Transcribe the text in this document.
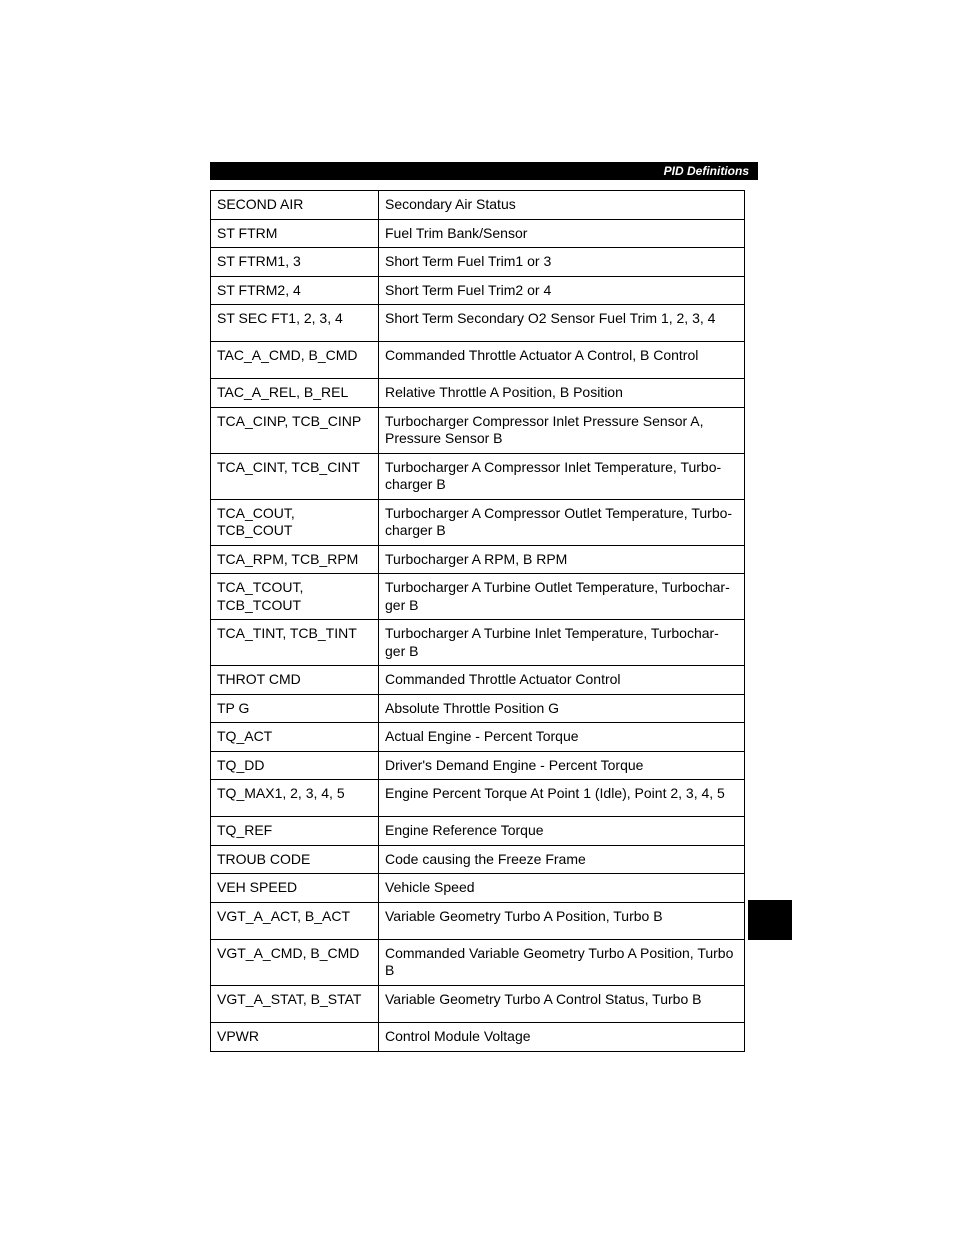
PID Definitions
SECOND AIR	Secondary Air Status
ST FTRM	Fuel Trim Bank/Sensor
ST FTRM1, 3	Short Term Fuel Trim1 or 3
ST FTRM2, 4	Short Term Fuel Trim2 or 4
ST SEC FT1, 2, 3, 4	Short Term Secondary O2 Sensor Fuel Trim 1, 2, 3, 4
TAC_A_CMD, B_CMD	Commanded Throttle Actuator A Control, B Control
TAC_A_REL, B_REL	Relative Throttle A Position, B Position
TCA_CINP, TCB_CINP	Turbocharger Compressor Inlet Pressure Sensor A, Pressure Sensor B
TCA_CINT, TCB_CINT	Turbocharger A Compressor Inlet Temperature, Turbo-charger B
TCA_COUT, TCB_COUT	Turbocharger A Compressor Outlet Temperature, Turbo-charger B
TCA_RPM, TCB_RPM	Turbocharger A RPM, B RPM
TCA_TCOUT, TCB_TCOUT	Turbocharger A Turbine Outlet Temperature, Turbochar-ger B
TCA_TINT, TCB_TINT	Turbocharger A Turbine Inlet Temperature, Turbochar-ger B
THROT CMD	Commanded Throttle Actuator Control
TP G	Absolute Throttle Position G
TQ_ACT	Actual Engine - Percent Torque
TQ_DD	Driver's Demand Engine - Percent Torque
TQ_MAX1, 2, 3, 4, 5	Engine Percent Torque At Point 1 (Idle), Point 2, 3, 4, 5
TQ_REF	Engine Reference Torque
TROUB CODE	Code causing the Freeze Frame
VEH SPEED	Vehicle Speed
VGT_A_ACT, B_ACT	Variable Geometry Turbo A Position, Turbo B
VGT_A_CMD, B_CMD	Commanded Variable Geometry Turbo A Position, Turbo B
VGT_A_STAT, B_STAT	Variable Geometry Turbo A Control Status, Turbo B
VPWR	Control Module Voltage
